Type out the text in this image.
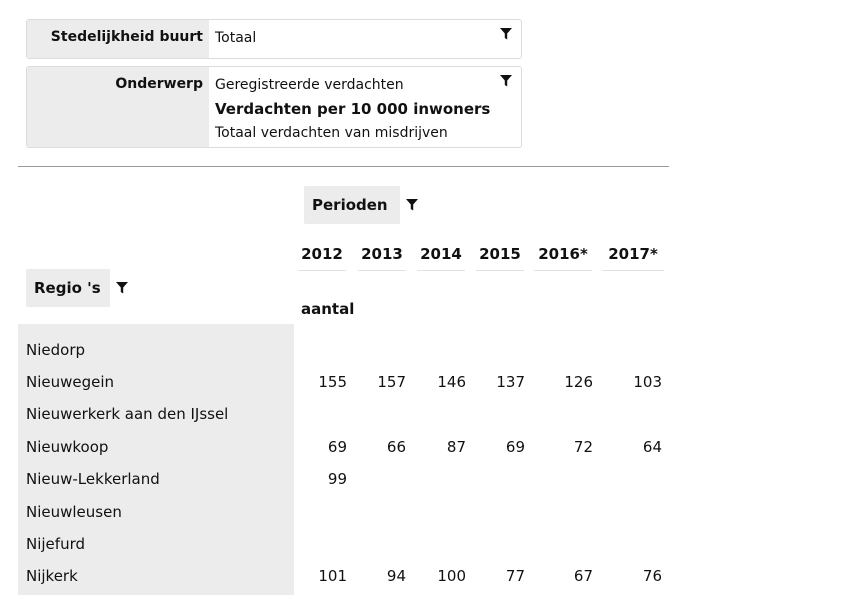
Stedelijkheid buurt Totaal
Onderwerp Geregistreerde verdachten
Verdachten per 10 000 inwoners
Totaal verdachten van misdrijven
Perioden
2012 2013 2014 2015 2016*	2017*
Regio 's
aantal
Niedorp
Nieuwegein	155	157	146	137	126	103
Nieuwerkerk aan den IJssel
Nieuwkoop	69	66	87	69	72	64
Nieuw-Lekkerland	99
Nieuwleusen
Nijefurd
Nijkerk	101	94	100	77	67	76
